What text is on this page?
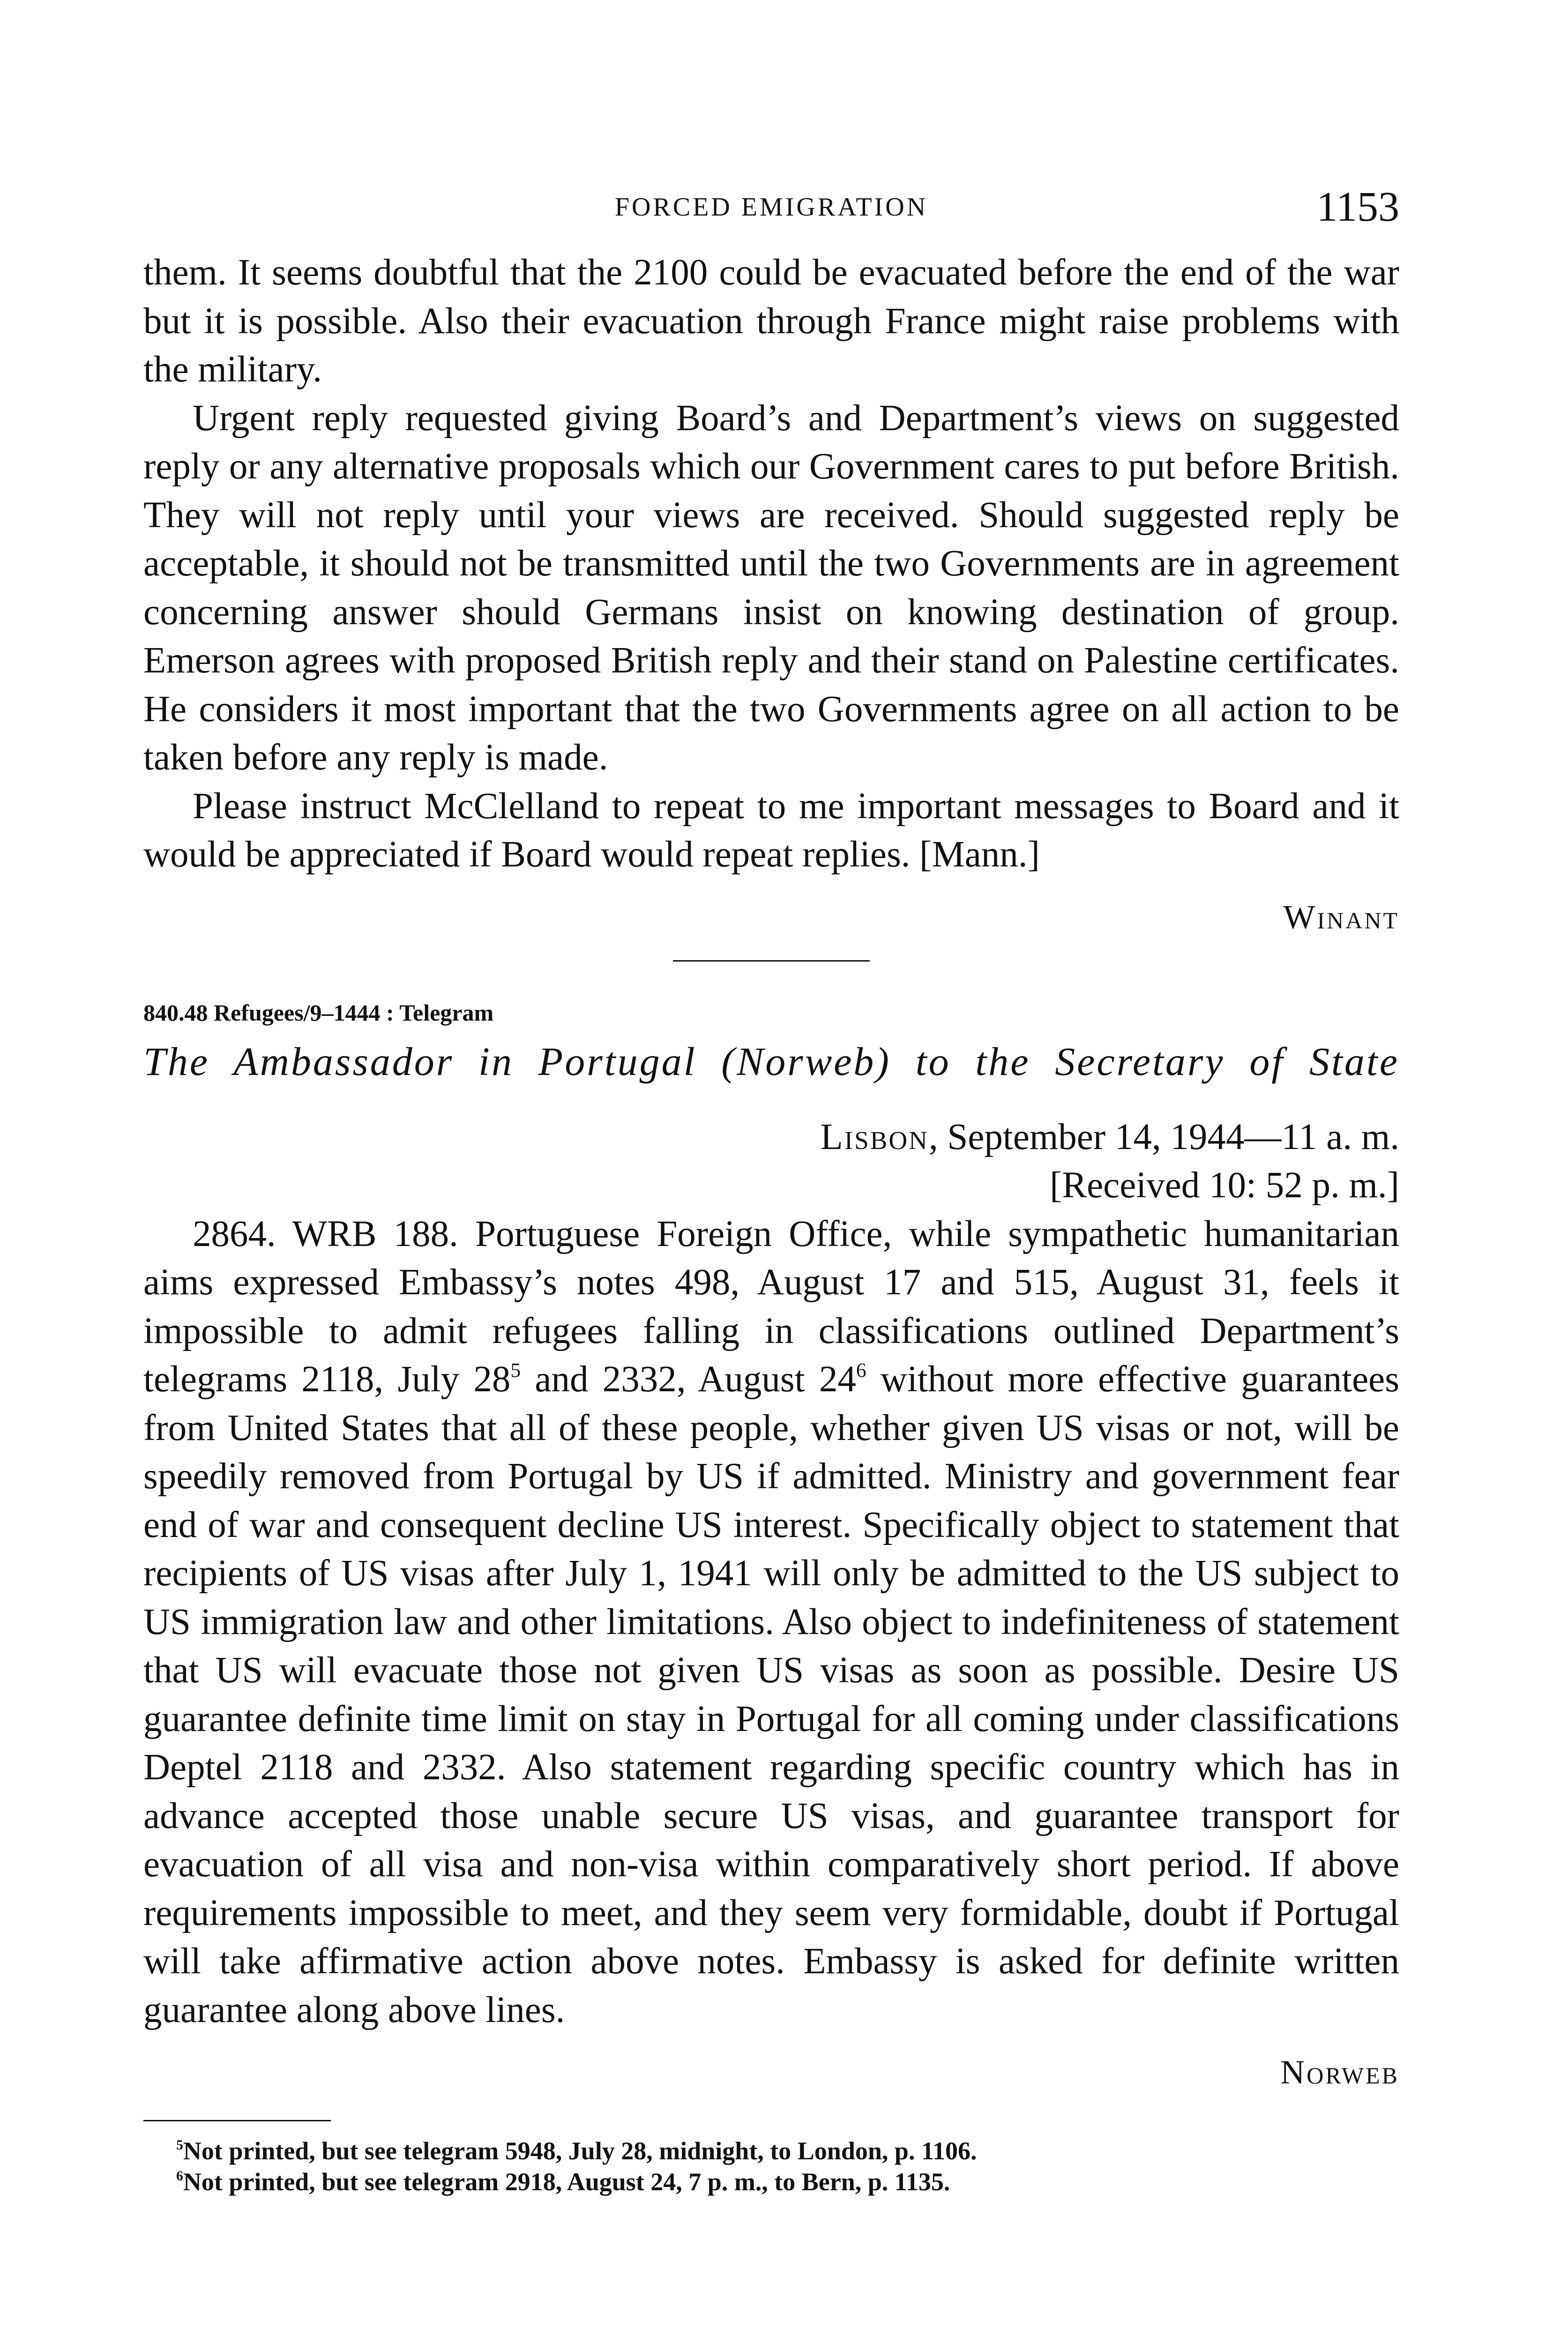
FORCED EMIGRATION	1153

them. It seems doubtful that the 2100 could be evacuated before the end of the war but it is possible. Also their evacuation through France might raise problems with the military.

Urgent reply requested giving Board’s and Department’s views on suggested reply or any alternative proposals which our Government cares to put before British. They will not reply until your views are received. Should suggested reply be acceptable, it should not be transmitted until the two Governments are in agreement concerning answer should Germans insist on knowing destination of group. Emerson agrees with proposed British reply and their stand on Palestine certificates. He considers it most important that the two Governments agree on all action to be taken before any reply is made.

Please instruct McClelland to repeat to me important messages to Board and it would be appreciated if Board would repeat replies. [Mann.]

Winant
840.48 Refugees/9–1444 : Telegram
The Ambassador in Portugal (Norweb) to the Secretary of State
Lisbon, September 14, 1944—11 a. m.
[Received 10: 52 p. m.]

2864. WRB 188. Portuguese Foreign Office, while sympathetic humanitarian aims expressed Embassy’s notes 498, August 17 and 515, August 31, feels it impossible to admit refugees falling in classifications outlined Department’s telegrams 2118, July $28^5$ and 2332, August $24^6$ without more effective guarantees from United States that all of these people, whether given US visas or not, will be speedily removed from Portugal by US if admitted. Ministry and government fear end of war and consequent decline US interest. Specifically object to statement that recipients of US visas after July 1, 1941 will only be admitted to the US subject to US immigration law and other limitations. Also object to indefiniteness of statement that US will evacuate those not given US visas as soon as possible. Desire US guarantee definite time limit on stay in Portugal for all coming under classifications Deptel 2118 and 2332. Also statement regarding specific country which has in advance accepted those unable secure US visas, and guarantee transport for evacuation of all visa and non-visa within comparatively short period. If above requirements impossible to meet, and they seem very formidable, doubt if Portugal will take affirmative action above notes. Embassy is asked for definite written guarantee along above lines.

Norweb
$^5$Not printed, but see telegram 5948, July 28, midnight, to London, p. 1106.
$^6$Not printed, but see telegram 2918, August 24, 7 p. m., to Bern, p. 1135.
